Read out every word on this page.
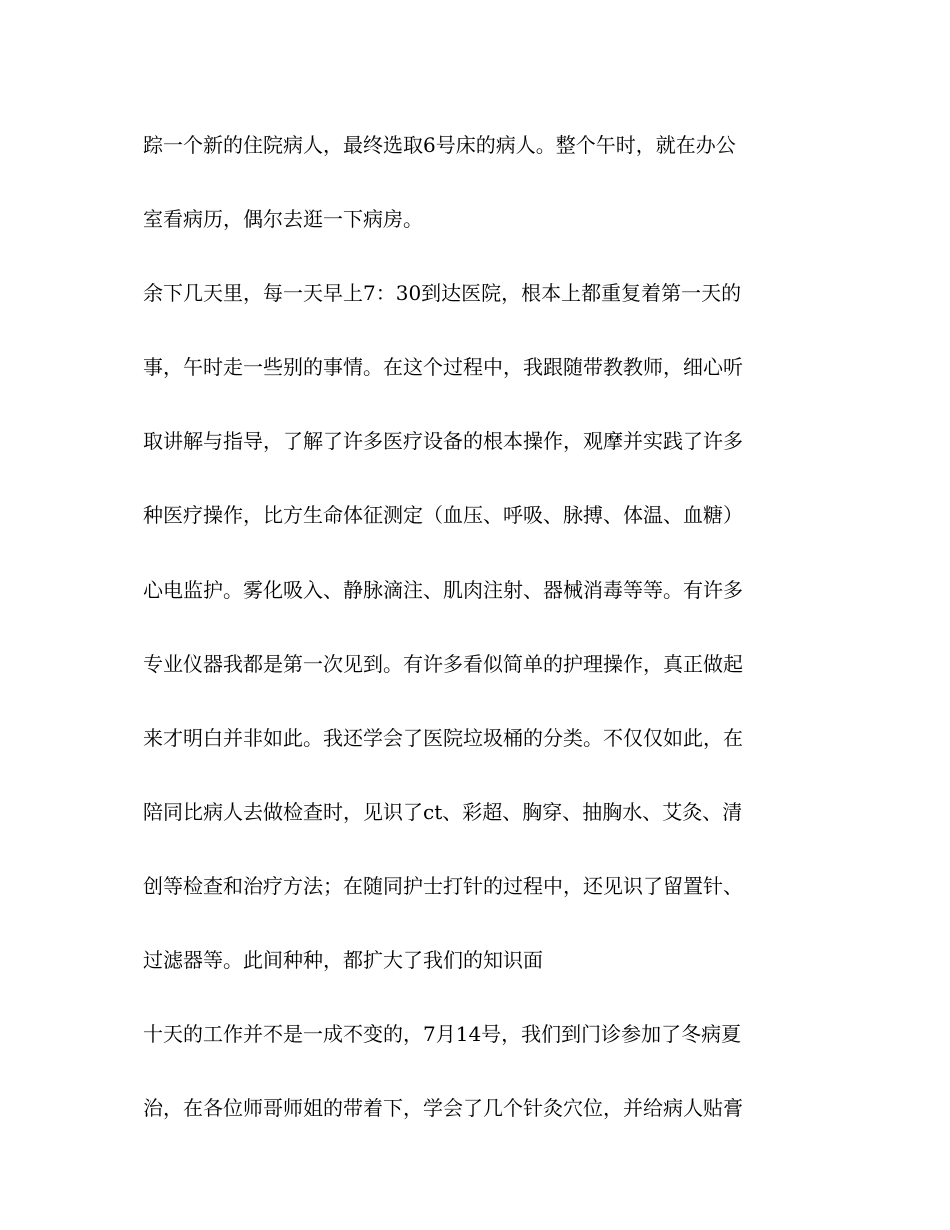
踪一个新的住院病人，最终选取6号床的病人。整个午时，就在办公

室看病历，偶尔去逛一下病房。

余下几天里，每一天早上7：30到达医院，根本上都重复着第一天的

事，午时走一些别的事情。在这个过程中，我跟随带教教师，细心听

取讲解与指导，了解了许多医疗设备的根本操作，观摩并实践了许多

种医疗操作，比方生命体征测定（血压、呼吸、脉搏、体温、血糖）

心电监护。雾化吸入、静脉滴注、肌肉注射、器械消毒等等。有许多

专业仪器我都是第一次见到。有许多看似简单的护理操作，真正做起

来才明白并非如此。我还学会了医院垃圾桶的分类。不仅仅如此，在

陪同比病人去做检查时，见识了ct、彩超、胸穿、抽胸水、艾灸、清

创等检查和治疗方法；在随同护士打针的过程中，还见识了留置针、

过滤器等。此间种种，都扩大了我们的知识面

十天的工作并不是一成不变的，7月14号，我们到门诊参加了冬病夏

治，在各位师哥师姐的带着下，学会了几个针灸穴位，并给病人贴膏
